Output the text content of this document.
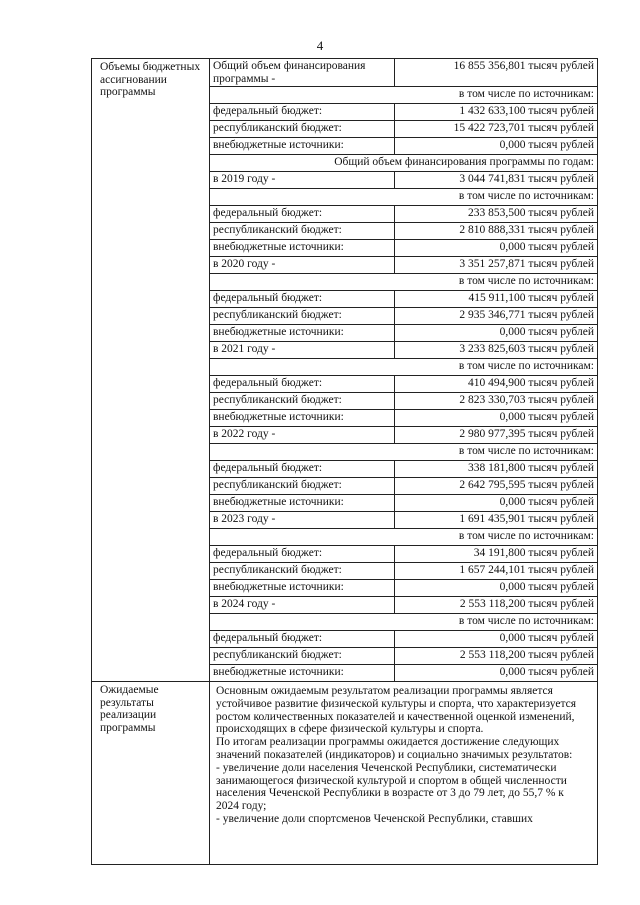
4
Объемы бюджетных ассигновании программы	
Общий объем финансирования программы -	16 855 356,801 тысяч рублей
в том числе по источникам:
федеральный бюджет:	1 432 633,100 тысяч рублей
республиканский бюджет:	15 422 723,701 тысяч рублей
внебюджетные источники:	0,000 тысяч рублей
Общий объем финансирования программы по годам:
в 2019 году -	3 044 741,831 тысяч рублей
в том числе по источникам:
федеральный бюджет:	233 853,500 тысяч рублей
республиканский бюджет:	2 810 888,331 тысяч рублей
внебюджетные источники:	0,000 тысяч рублей
в 2020 году -	3 351 257,871 тысяч рублей
в том числе по источникам:
федеральный бюджет:	415 911,100 тысяч рублей
республиканский бюджет:	2 935 346,771 тысяч рублей
внебюджетные источники:	0,000 тысяч рублей
в 2021 году -	3 233 825,603 тысяч рублей
в том числе по источникам:
федеральный бюджет:	410 494,900 тысяч рублей
республиканский бюджет:	2 823 330,703 тысяч рублей
внебюджетные источники:	0,000 тысяч рублей
в 2022 году -	2 980 977,395 тысяч рублей
в том числе по источникам:
федеральный бюджет:	338 181,800 тысяч рублей
республиканский бюджет:	2 642 795,595 тысяч рублей
внебюджетные источники:	0,000 тысяч рублей
в 2023 году -	1 691 435,901 тысяч рублей
в том числе по источникам:
федеральный бюджет:	34 191,800 тысяч рублей
республиканский бюджет:	1 657 244,101 тысяч рублей
внебюджетные источники:	0,000 тысяч рублей
в 2024 году -	2 553 118,200 тысяч рублей
в том числе по источникам:
федеральный бюджет:	0,000 тысяч рублей
республиканский бюджет:	2 553 118,200 тысяч рублей
внебюджетные источники:	0,000 тысяч рублей

Ожидаемые результаты реализации программы	

Основным ожидаемым результатом реализации программы является устойчивое развитие физической культуры и спорта, что характеризуется ростом количественных показателей и качественной оценкой изменений, происходящих в сфере физической культуры и спорта.

По итогам реализации программы ожидается достижение следующих значений показателей (индикаторов) и социально значимых результатов:

- увеличение доли населения Чеченской Республики, систематически занимающегося физической культурой и спортом в общей численности населения Чеченской Республики в возрасте от 3 до 79 лет, до 55,7 % к 2024 году;

- увеличение доли спортсменов Чеченской Республики, ставших
